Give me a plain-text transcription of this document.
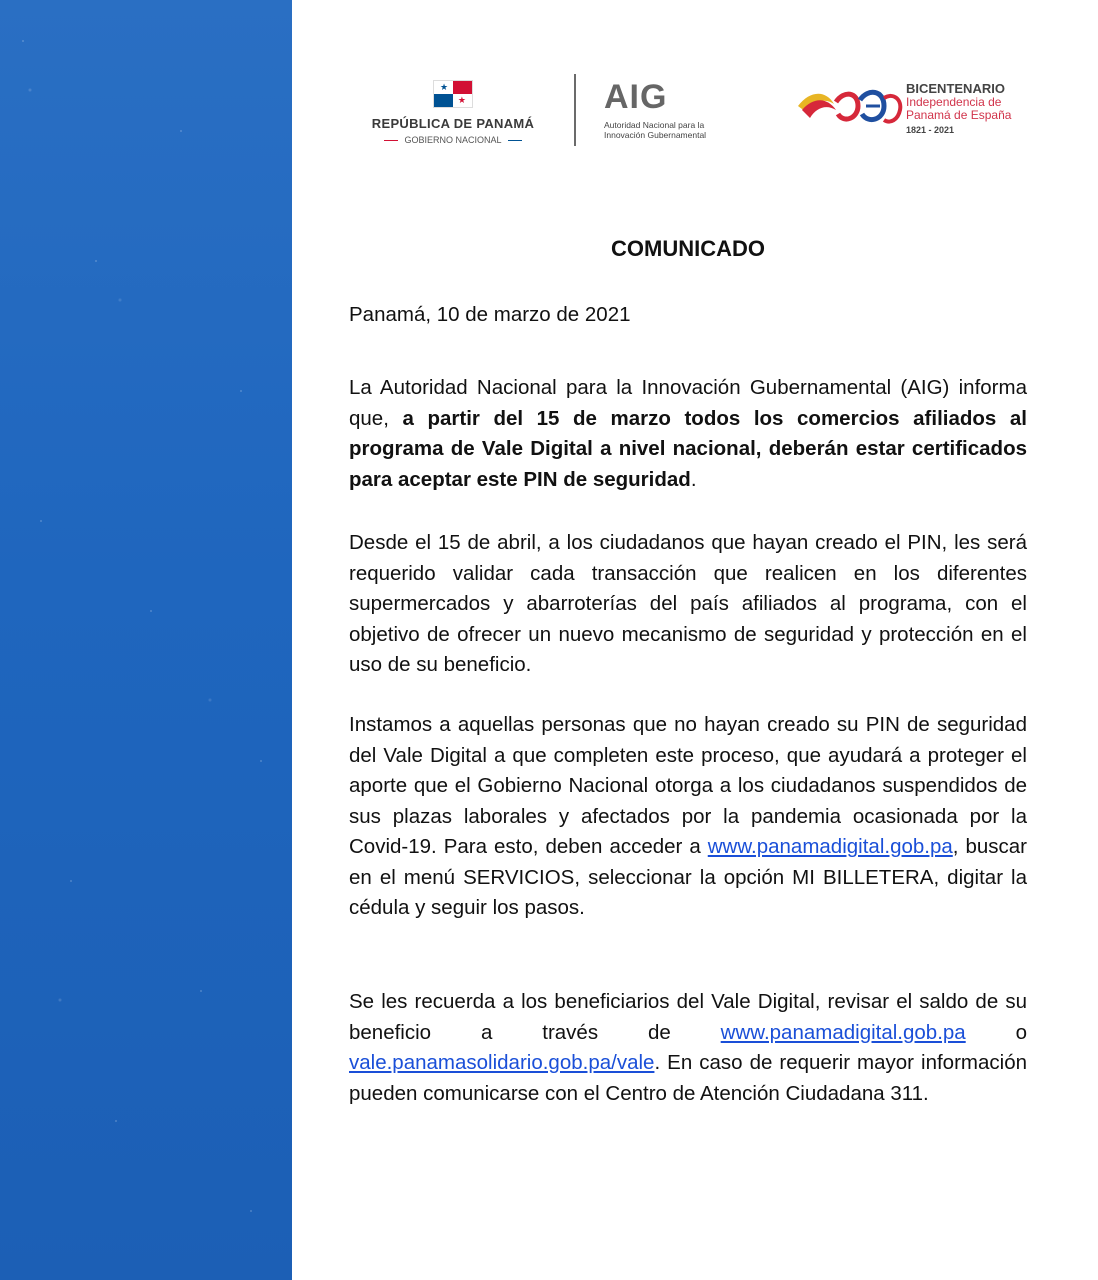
★
★
REPÚBLICA DE PANAMÁ
GOBIERNO NACIONAL
AIG
Autoridad Nacional para la
Innovación Gubernamental
BICENTENARIO
Independencia de
Panamá de España
1821 - 2021
COMUNICADO
Panamá, 10 de marzo de 2021
La Autoridad Nacional para la Innovación Gubernamental (AIG) informa que, a partir del 15 de marzo todos los comercios afiliados al programa de Vale Digital a nivel nacional, deberán estar certificados para aceptar este PIN de seguridad.
Desde el 15 de abril, a los ciudadanos que hayan creado el PIN, les será requerido validar cada transacción que realicen en los diferentes supermercados y abarroterías del país afiliados al programa, con el objetivo de ofrecer un nuevo mecanismo de seguridad y protección en el uso de su beneficio.
Instamos a aquellas personas que no hayan creado su PIN de seguridad del Vale Digital a que completen este proceso, que ayudará a proteger el aporte que el Gobierno Nacional otorga a los ciudadanos suspendidos de sus plazas laborales y afectados por la pandemia ocasionada por la Covid-19. Para esto, deben acceder a www.panamadigital.gob.pa, buscar en el menú SERVICIOS, seleccionar la opción MI BILLETERA, digitar la cédula y seguir los pasos.
Se les recuerda a los beneficiarios del Vale Digital, revisar el saldo de su beneficio a través de www.panamadigital.gob.pa o vale.panamasolidario.gob.pa/vale. En caso de requerir mayor información pueden comunicarse con el Centro de Atención Ciudadana 311.
